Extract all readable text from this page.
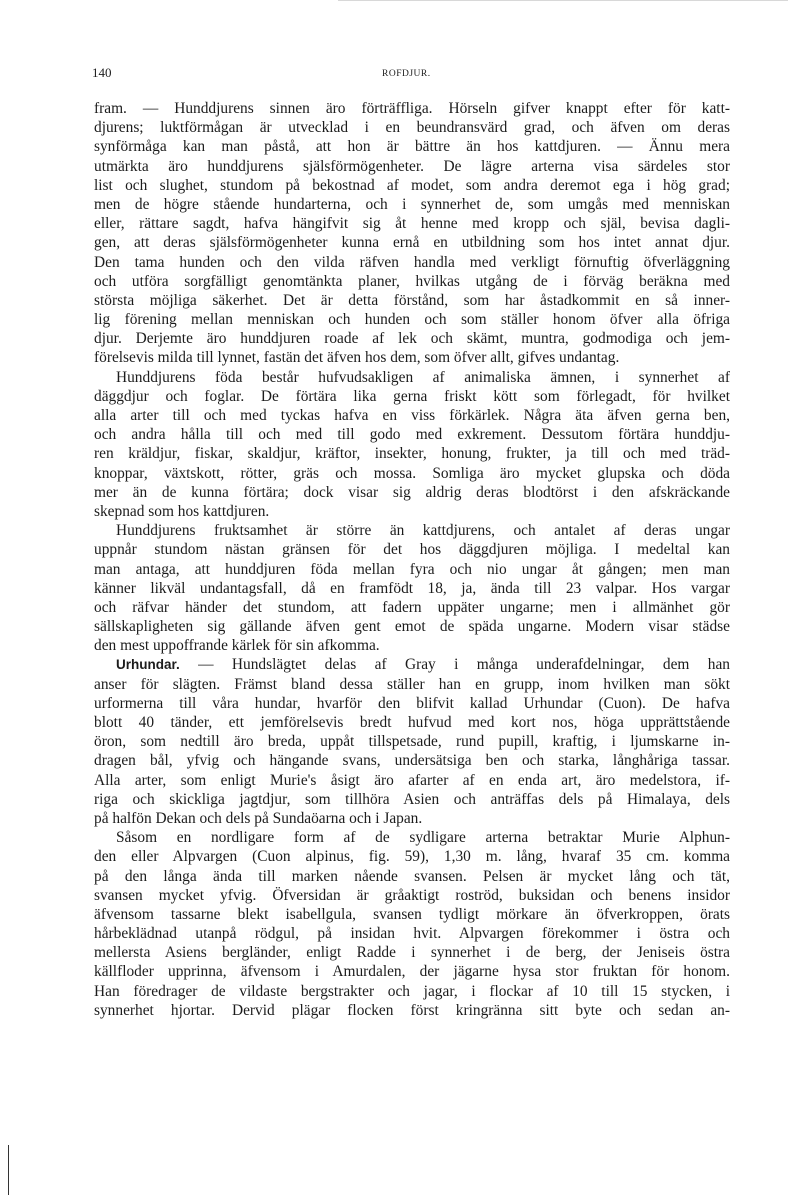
140	ROFDJUR.
fram. — Hunddjurens sinnen äro förträffliga. Hörseln gifver knappt efter för katt-
djurens; luktförmågan är utvecklad i en beundransvärd grad, och äfven om deras
synförmåga kan man påstå, att hon är bättre än hos kattdjuren. — Ännu mera
utmärkta äro hunddjurens själsförmögenheter. De lägre arterna visa särdeles stor
list och slughet, stundom på bekostnad af modet, som andra deremot ega i hög grad;
men de högre stående hundarterna, och i synnerhet de, som umgås med menniskan
eller, rättare sagdt, hafva hängifvit sig åt henne med kropp och själ, bevisa dagli-
gen, att deras själsförmögenheter kunna ernå en utbildning som hos intet annat djur.
Den tama hunden och den vilda räfven handla med verkligt förnuftig öfverläggning
och utföra sorgfälligt genomtänkta planer, hvilkas utgång de i förväg beräkna med
största möjliga säkerhet. Det är detta förstånd, som har åstadkommit en så inner-
lig förening mellan menniskan och hunden och som ställer honom öfver alla öfriga
djur. Derjemte äro hunddjuren roade af lek och skämt, muntra, godmodiga och jem-
förelsevis milda till lynnet, fastän det äfven hos dem, som öfver allt, gifves undantag.
Hunddjurens föda består hufvudsakligen af animaliska ämnen, i synnerhet af
däggdjur och foglar. De förtära lika gerna friskt kött som förlegadt, för hvilket
alla arter till och med tyckas hafva en viss förkärlek. Några äta äfven gerna ben,
och andra hålla till och med till godo med exkrement. Dessutom förtära hunddju-
ren kräldjur, fiskar, skaldjur, kräftor, insekter, honung, frukter, ja till och med träd-
knoppar, växtskott, rötter, gräs och mossa. Somliga äro mycket glupska och döda
mer än de kunna förtära; dock visar sig aldrig deras blodtörst i den afskräckande
skepnad som hos kattdjuren.
Hunddjurens fruktsamhet är större än kattdjurens, och antalet af deras ungar
uppnår stundom nästan gränsen för det hos däggdjuren möjliga. I medeltal kan
man antaga, att hunddjuren föda mellan fyra och nio ungar åt gången; men man
känner likväl undantagsfall, då en framfödt 18, ja, ända till 23 valpar. Hos vargar
och räfvar händer det stundom, att fadern uppäter ungarne; men i allmänhet gör
sällskapligheten sig gällande äfven gent emot de späda ungarne. Modern visar städse
den mest uppoffrande kärlek för sin afkomma.
Urhundar. — Hundslägtet delas af Gray i många underafdelningar, dem han
anser för slägten. Främst bland dessa ställer han en grupp, inom hvilken man sökt
urformerna till våra hundar, hvarför den blifvit kallad Urhundar (Cuon). De hafva
blott 40 tänder, ett jemförelsevis bredt hufvud med kort nos, höga upprättstående
öron, som nedtill äro breda, uppåt tillspetsade, rund pupill, kraftig, i ljumskarne in-
dragen bål, yfvig och hängande svans, undersätsiga ben och starka, långhåriga tassar.
Alla arter, som enligt Murie's åsigt äro afarter af en enda art, äro medelstora, if-
riga och skickliga jagtdjur, som tillhöra Asien och anträffas dels på Himalaya, dels
på halfön Dekan och dels på Sundaöarna och i Japan.
Såsom en nordligare form af de sydligare arterna betraktar Murie Alphun-
den eller Alpvargen (Cuon alpinus, fig. 59), 1,30 m. lång, hvaraf 35 cm. komma
på den långa ända till marken nående svansen. Pelsen är mycket lång och tät,
svansen mycket yfvig. Öfversidan är gråaktigt roströd, buksidan och benens insidor
äfvensom tassarne blekt isabellgula, svansen tydligt mörkare än öfverkroppen, örats
hårbeklädnad utanpå rödgul, på insidan hvit. Alpvargen förekommer i östra och
mellersta Asiens bergländer, enligt Radde i synnerhet i de berg, der Jeniseis östra
källfloder upprinna, äfvensom i Amurdalen, der jägarne hysa stor fruktan för honom.
Han föredrager de vildaste bergstrakter och jagar, i flockar af 10 till 15 stycken, i
synnerhet hjortar. Dervid plägar flocken först kringränna sitt byte och sedan an-
